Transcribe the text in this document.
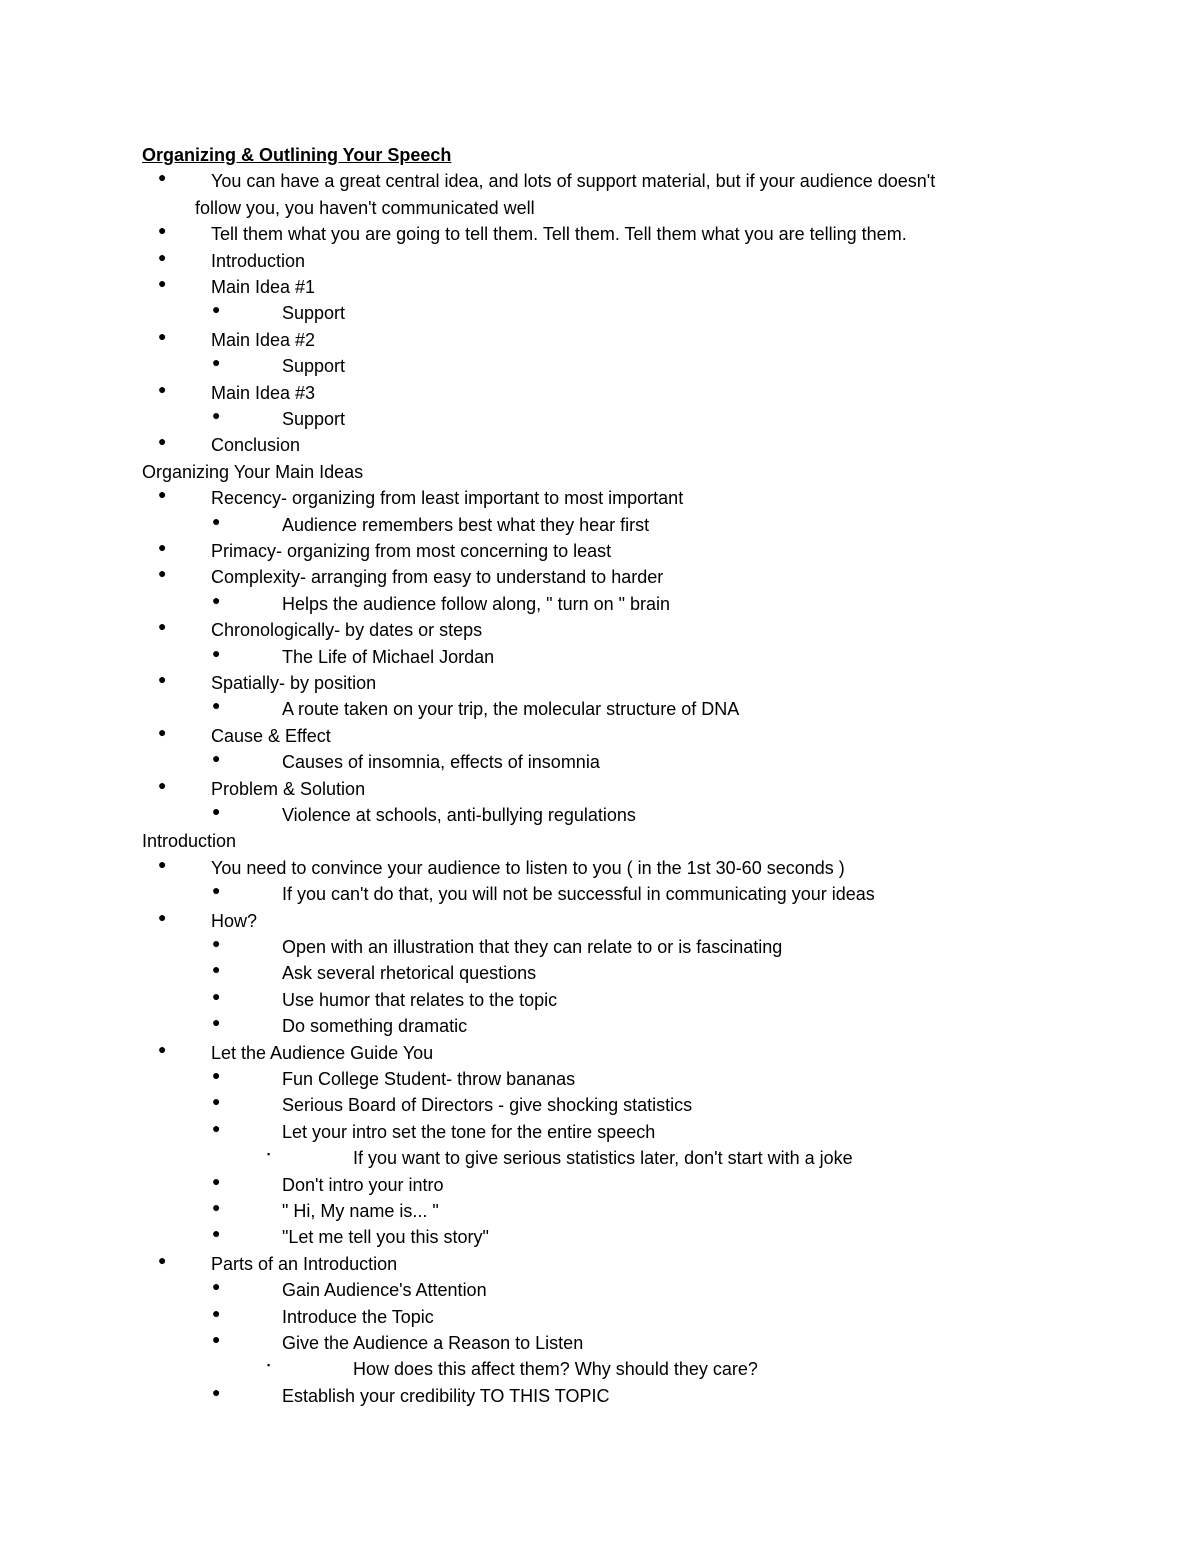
Organizing & Outlining Your Speech
● You can have a great central idea, and lots of support material, but if your audience doesn't
follow you, you haven't communicated well
● Tell them what you are going to tell them. Tell them. Tell them what you are telling them.
● Introduction
● Main Idea #1
●	Support
● Main Idea #2
●	Support
● Main Idea #3
●	Support
● Conclusion
Organizing Your Main Ideas
● Recency- organizing from least important to most important
●	Audience remembers best what they hear first
● Primacy- organizing from most concerning to least
● Complexity- arranging from easy to understand to harder
●	Helps the audience follow along, " turn on " brain
● Chronologically- by dates or steps
●	The Life of Michael Jordan
● Spatially- by position
●	A route taken on your trip, the molecular structure of DNA
● Cause & Effect
●	Causes of insomnia, effects of insomnia
● Problem & Solution
●	Violence at schools, anti-bullying regulations
Introduction
● You need to convince your audience to listen to you ( in the 1st 30-60 seconds )
●	If you can't do that, you will not be successful in communicating your ideas
● How?
●	Open with an illustration that they can relate to or is fascinating
●	Ask several rhetorical questions
●	Use humor that relates to the topic
●	Do something dramatic
● Let the Audience Guide You
●	Fun College Student- throw bananas
●	Serious Board of Directors - give shocking statistics
●	Let your intro set the tone for the entire speech
▪	If you want to give serious statistics later, don't start with a joke
●	Don't intro your intro
●	" Hi, My name is... "
●	"Let me tell you this story"
● Parts of an Introduction
●	Gain Audience's Attention
●	Introduce the Topic
●	Give the Audience a Reason to Listen
▪	How does this affect them? Why should they care?
●	Establish your credibility TO THIS TOPIC
